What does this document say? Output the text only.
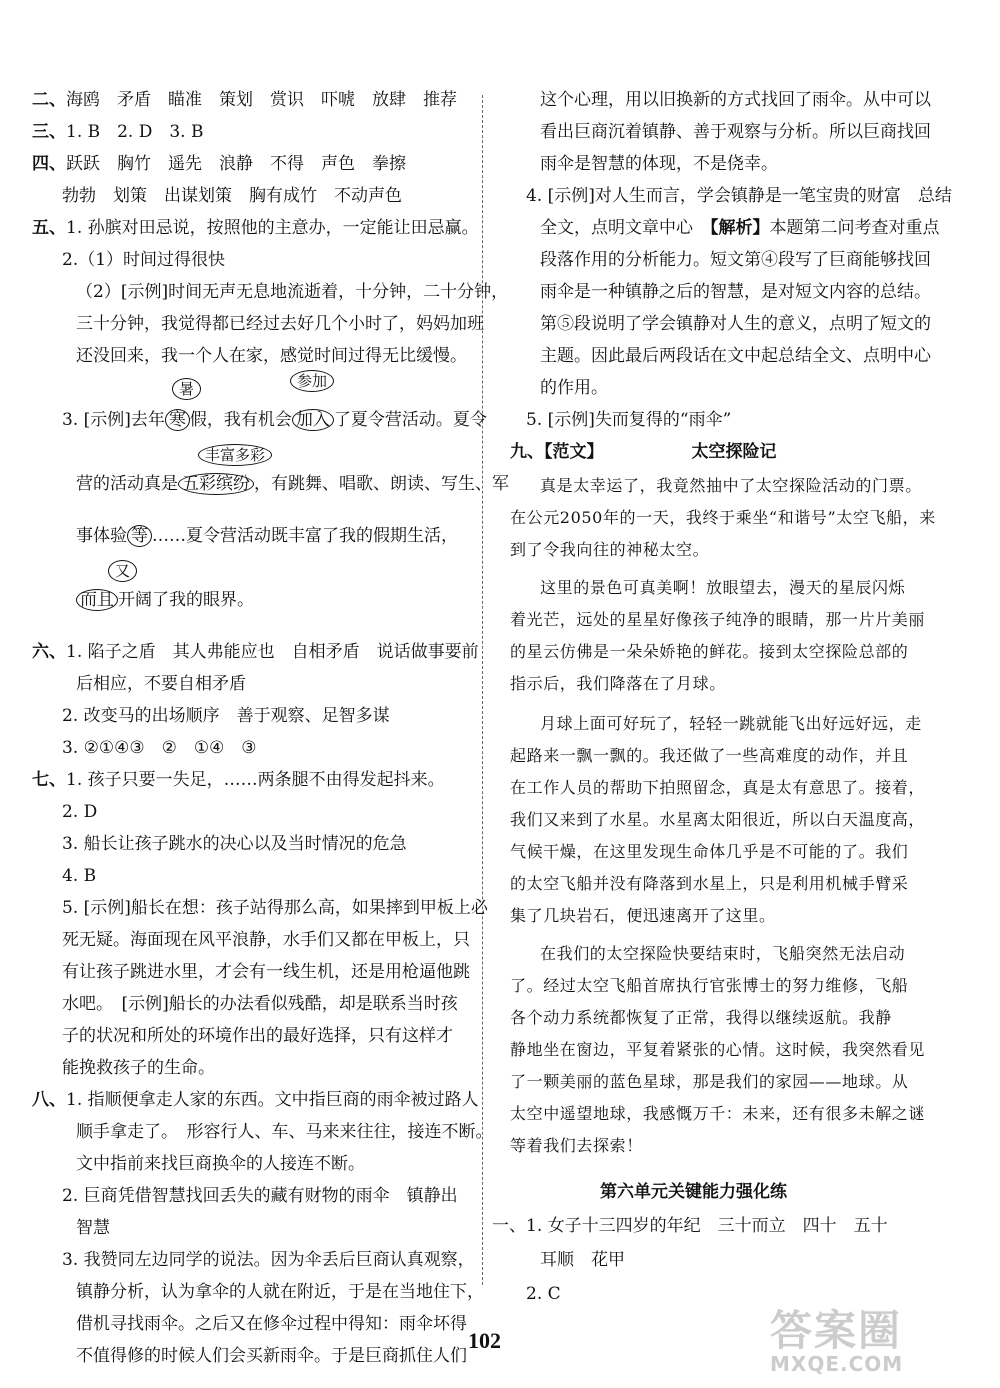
二、海鸥　矛盾　瞄准　策划　赏识　吓唬　放肆　推荐
三、1. B　2. D　3. B
四、跃跃　胸竹　遥先　浪静　不得　声色　拳擦
勃勃　划策　出谋划策　胸有成竹　不动声色
五、1. 孙膑对田忌说，按照他的主意办，一定能让田忌赢。
2.（1）时间过得很快
（2）[示例]时间无声无息地流逝着，十分钟，二十分钟，
三十分钟，我觉得都已经过去好几个小时了，妈妈加班
还没回来，我一个人在家，感觉时间过得无比缓慢。
暑	参加
3. [示例]去年 寒 假，我有机会 加入 了夏令营活动。夏令
丰富多彩
营的活动真是 五彩缤纷 ，有跳舞、唱歌、朗读、写生、军
事体验 等 ……夏令营活动既丰富了我的假期生活，
又
而且 开阔了我的眼界。
六、1. 陷子之盾　其人弗能应也　自相矛盾　说话做事要前
后相应，不要自相矛盾
2. 改变马的出场顺序　善于观察、足智多谋
3. ②①④③　②　①④　③
七、1. 孩子只要一失足，……两条腿不由得发起抖来。
2. D
3. 船长让孩子跳水的决心以及当时情况的危急
4. B
5. [示例]船长在想：孩子站得那么高，如果摔到甲板上必
死无疑。海面现在风平浪静，水手们又都在甲板上，只
有让孩子跳进水里，才会有一线生机，还是用枪逼他跳
水吧。　[示例]船长的办法看似残酷，却是联系当时孩
子的状况和所处的环境作出的最好选择，只有这样才
能挽救孩子的生命。
八、1. 指顺便拿走人家的东西。文中指巨商的雨伞被过路人
顺手拿走了。　形容行人、车、马来来往往，接连不断。
文中指前来找巨商换伞的人接连不断。
2. 巨商凭借智慧找回丢失的藏有财物的雨伞　镇静出
智慧
3. 我赞同左边同学的说法。因为伞丢后巨商认真观察，
镇静分析，认为拿伞的人就在附近，于是在当地住下，
借机寻找雨伞。之后又在修伞过程中得知：雨伞坏得
不值得修的时候人们会买新雨伞。于是巨商抓住人们
这个心理，用以旧换新的方式找回了雨伞。从中可以
看出巨商沉着镇静、善于观察与分析。所以巨商找回
雨伞是智慧的体现，不是侥幸。
4. [示例]对人生而言，学会镇静是一笔宝贵的财富　总结
全文，点明文章中心　【解析】本题第二问考查对重点
段落作用的分析能力。短文第④段写了巨商能够找回
雨伞是一种镇静之后的智慧，是对短文内容的总结。
第⑤段说明了学会镇静对人生的意义，点明了短文的
主题。因此最后两段话在文中起总结全文、点明中心
的作用。
5. [示例]失而复得的“雨伞”
九、【范文】	太空探险记
真是太幸运了，我竟然抽中了太空探险活动的门票。
在公元2050年的一天，我终于乘坐“和谐号”太空飞船，来
到了令我向往的神秘太空。
这里的景色可真美啊！放眼望去，漫天的星辰闪烁
着光芒，远处的星星好像孩子纯净的眼睛，那一片片美丽
的星云仿佛是一朵朵娇艳的鲜花。接到太空探险总部的
指示后，我们降落在了月球。
月球上面可好玩了，轻轻一跳就能飞出好远好远，走
起路来一飘一飘的。我还做了一些高难度的动作，并且
在工作人员的帮助下拍照留念，真是太有意思了。接着，
我们又来到了水星。水星离太阳很近，所以白天温度高，
气候干燥，在这里发现生命体几乎是不可能的了。我们
的太空飞船并没有降落到水星上，只是利用机械手臂采
集了几块岩石，便迅速离开了这里。
在我们的太空探险快要结束时，飞船突然无法启动
了。经过太空飞船首席执行官张博士的努力维修，飞船
各个动力系统都恢复了正常，我得以继续返航。我静
静地坐在窗边，平复着紧张的心情。这时候，我突然看见
了一颗美丽的蓝色星球，那是我们的家园——地球。从
太空中遥望地球，我感慨万千：未来，还有很多未解之谜
等着我们去探索！
第六单元关键能力强化练
一、1. 女子十三四岁的年纪　三十而立　四十　五十
耳顺　花甲
2. C
102	答案圈
MXQE.COM
